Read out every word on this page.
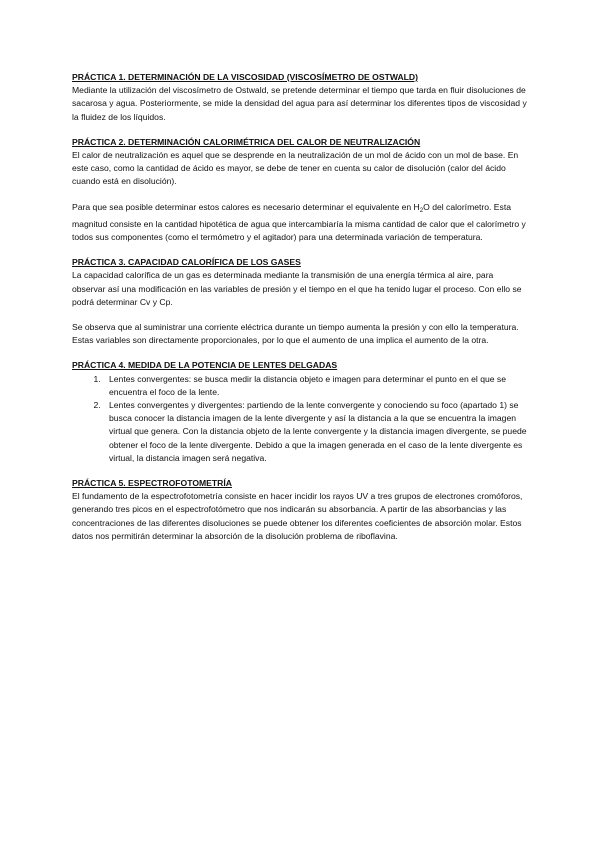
PRÁCTICA 1. DETERMINACIÓN DE LA VISCOSIDAD (VISCOSÍMETRO DE OSTWALD)

Mediante la utilización del viscosímetro de Ostwald, se pretende determinar el tiempo que tarda en fluir disoluciones de sacarosa y agua. Posteriormente, se mide la densidad del agua para así determinar los diferentes tipos de viscosidad y la fluidez de los líquidos.

PRÁCTICA 2. DETERMINACIÓN CALORIMÉTRICA DEL CALOR DE NEUTRALIZACIÓN

El calor de neutralización es aquel que se desprende en la neutralización de un mol de ácido con un mol de base. En este caso, como la cantidad de ácido es mayor, se debe de tener en cuenta su calor de disolución (calor del ácido cuando está en disolución).

Para que sea posible determinar estos calores es necesario determinar el equivalente en $H_2O$ del calorímetro. Esta magnitud consiste en la cantidad hipotética de agua que intercambiaría la misma cantidad de calor que el calorímetro y todos sus componentes (como el termómetro y el agitador) para una determinada variación de temperatura.

PRÁCTICA 3. CAPACIDAD CALORÍFICA DE LOS GASES

La capacidad calorífica de un gas es determinada mediante la transmisión de una energía térmica al aire, para observar así una modificación en las variables de presión y el tiempo en el que ha tenido lugar el proceso. Con ello se podrá determinar Cv y Cp.

Se observa que al suministrar una corriente eléctrica durante un tiempo aumenta la presión y con ello la temperatura. Estas variables son directamente proporcionales, por lo que el aumento de una implica el aumento de la otra.

PRÁCTICA 4. MEDIDA DE LA POTENCIA DE LENTES DELGADAS

1. Lentes convergentes: se busca medir la distancia objeto e imagen para determinar el punto en el que se encuentra el foco de la lente.
2. Lentes convergentes y divergentes: partiendo de la lente convergente y conociendo su foco (apartado 1) se busca conocer la distancia imagen de la lente divergente y así la distancia a la que se encuentra la imagen virtual que genera. Con la distancia objeto de la lente convergente y la distancia imagen divergente, se puede obtener el foco de la lente divergente. Debido a que la imagen generada en el caso de la lente divergente es virtual, la distancia imagen será negativa.

PRÁCTICA 5. ESPECTROFOTOMETRÍA

El fundamento de la espectrofotometría consiste en hacer incidir los rayos UV a tres grupos de electrones cromóforos, generando tres picos en el espectrofotómetro que nos indicarán su absorbancia. A partir de las absorbancias y las concentraciones de las diferentes disoluciones se puede obtener los diferentes coeficientes de absorción molar. Estos datos nos permitirán determinar la absorción de la disolución problema de riboflavina.
